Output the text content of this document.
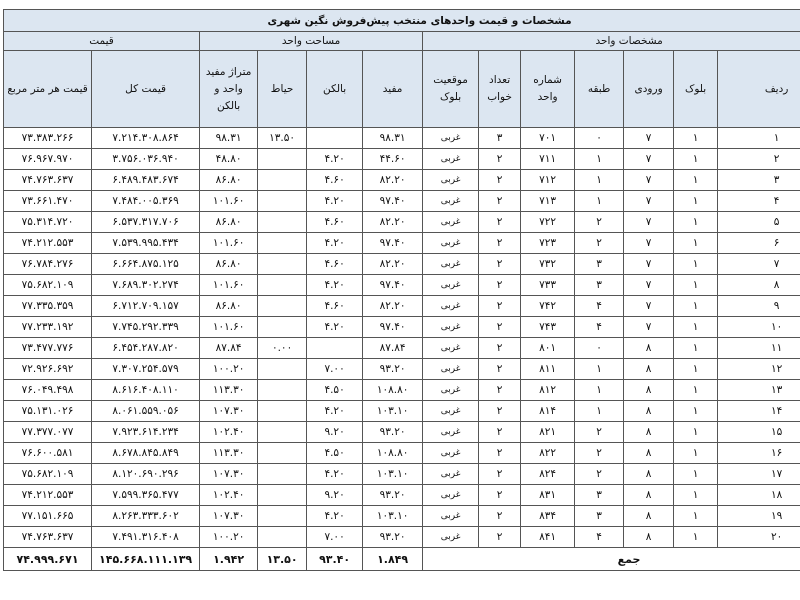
مشخصات و قیمت واحدهای منتخب پیش‌فروش نگین شهری												
مشخصات واحد							مساحت واحد				قیمت	
ردیف	بلوک	ورودی	طبقه	شماره واحد	تعداد خواب	موقعیت بلوک	مفید	بالکن	حیاط	متراژ مفید واحد و بالکن	قیمت کل	قیمت هر متر مربع
۱	۱	۷	۰	۷۰۱	۳	غربی	۹۸.۳۱		۱۳.۵۰	۹۸.۳۱	۷.۲۱۴.۳۰۸.۸۶۴	۷۳.۳۸۳.۲۶۶
۲	۱	۷	۱	۷۱۱	۲	غربی	۴۴.۶۰	۴.۲۰		۴۸.۸۰	۳.۷۵۶.۰۳۶.۹۴۰	۷۶.۹۶۷.۹۷۰
۳	۱	۷	۱	۷۱۲	۲	غربی	۸۲.۲۰	۴.۶۰		۸۶.۸۰	۶.۴۸۹.۴۸۳.۶۷۴	۷۴.۷۶۳.۶۳۷
۴	۱	۷	۱	۷۱۳	۲	غربی	۹۷.۴۰	۴.۲۰		۱۰۱.۶۰	۷.۴۸۴.۰۰۵.۳۶۹	۷۳.۶۶۱.۴۷۰
۵	۱	۷	۲	۷۲۲	۲	غربی	۸۲.۲۰	۴.۶۰		۸۶.۸۰	۶.۵۳۷.۳۱۷.۷۰۶	۷۵.۳۱۴.۷۲۰
۶	۱	۷	۲	۷۲۳	۲	غربی	۹۷.۴۰	۴.۲۰		۱۰۱.۶۰	۷.۵۳۹.۹۹۵.۴۳۴	۷۴.۲۱۲.۵۵۳
۷	۱	۷	۳	۷۳۲	۲	غربی	۸۲.۲۰	۴.۶۰		۸۶.۸۰	۶.۶۶۴.۸۷۵.۱۲۵	۷۶.۷۸۴.۲۷۶
۸	۱	۷	۳	۷۳۳	۲	غربی	۹۷.۴۰	۴.۲۰		۱۰۱.۶۰	۷.۶۸۹.۳۰۲.۲۷۴	۷۵.۶۸۲.۱۰۹
۹	۱	۷	۴	۷۴۲	۲	غربی	۸۲.۲۰	۴.۶۰		۸۶.۸۰	۶.۷۱۲.۷۰۹.۱۵۷	۷۷.۳۳۵.۳۵۹
۱۰	۱	۷	۴	۷۴۳	۲	غربی	۹۷.۴۰	۴.۲۰		۱۰۱.۶۰	۷.۷۴۵.۲۹۲.۳۳۹	۷۷.۲۳۳.۱۹۲
۱۱	۱	۸	۰	۸۰۱	۲	غربی	۸۷.۸۴		۰.۰۰	۸۷.۸۴	۶.۴۵۴.۲۸۷.۸۲۰	۷۳.۴۷۷.۷۷۶
۱۲	۱	۸	۱	۸۱۱	۲	غربی	۹۳.۲۰	۷.۰۰		۱۰۰.۲۰	۷.۳۰۷.۲۵۴.۵۷۹	۷۲.۹۲۶.۶۹۲
۱۳	۱	۸	۱	۸۱۲	۲	غربی	۱۰۸.۸۰	۴.۵۰		۱۱۳.۳۰	۸.۶۱۶.۴۰۸.۱۱۰	۷۶.۰۴۹.۴۹۸
۱۴	۱	۸	۱	۸۱۴	۲	غربی	۱۰۳.۱۰	۴.۲۰		۱۰۷.۳۰	۸.۰۶۱.۵۵۹.۰۵۶	۷۵.۱۳۱.۰۲۶
۱۵	۱	۸	۲	۸۲۱	۲	غربی	۹۳.۲۰	۹.۲۰		۱۰۲.۴۰	۷.۹۲۳.۶۱۴.۲۳۴	۷۷.۳۷۷.۰۷۷
۱۶	۱	۸	۲	۸۲۲	۲	غربی	۱۰۸.۸۰	۴.۵۰		۱۱۳.۳۰	۸.۶۷۸.۸۴۵.۸۴۹	۷۶.۶۰۰.۵۸۱
۱۷	۱	۸	۲	۸۲۴	۲	غربی	۱۰۳.۱۰	۴.۲۰		۱۰۷.۳۰	۸.۱۲۰.۶۹۰.۲۹۶	۷۵.۶۸۲.۱۰۹
۱۸	۱	۸	۳	۸۳۱	۲	غربی	۹۳.۲۰	۹.۲۰		۱۰۲.۴۰	۷.۵۹۹.۳۶۵.۴۷۷	۷۴.۲۱۲.۵۵۳
۱۹	۱	۸	۳	۸۳۴	۲	غربی	۱۰۳.۱۰	۴.۲۰		۱۰۷.۳۰	۸.۲۶۳.۳۳۳.۶۰۲	۷۷.۱۵۱.۶۶۵
۲۰	۱	۸	۴	۸۴۱	۲	غربی	۹۳.۲۰	۷.۰۰		۱۰۰.۲۰	۷.۴۹۱.۳۱۶.۴۰۸	۷۴.۷۶۳.۶۳۷
جمع							۱.۸۴۹	۹۳.۴۰	۱۳.۵۰	۱.۹۴۲	۱۴۵.۶۶۸.۱۱۱.۱۳۹	۷۴.۹۹۹.۶۷۱
